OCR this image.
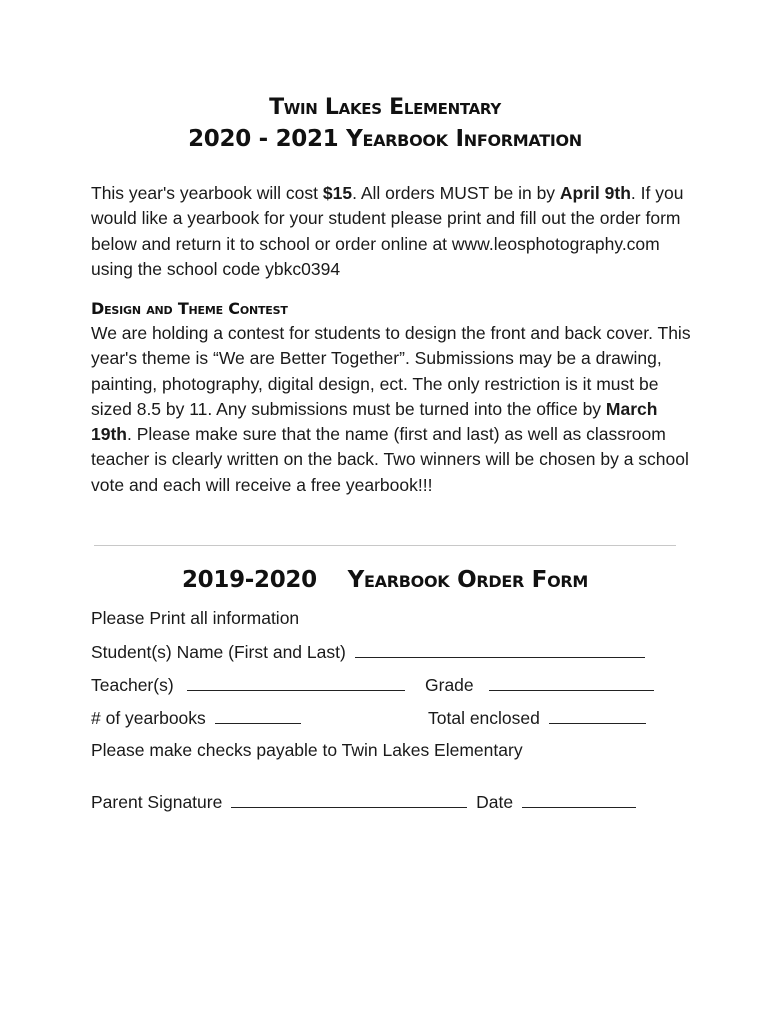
Twin Lakes Elementary
2020 - 2021 Yearbook Information
This year's yearbook will cost $15. All orders MUST be in by April 9th. If you would like a yearbook for your student please print and fill out the order form below and return it to school or order online at www.leosphotography.com using the school code ybkc0394
Design and Theme Contest
We are holding a contest for students to design the front and back cover. This year's theme is “We are Better Together”. Submissions may be a drawing, painting, photography, digital design, ect. The only restriction is it must be sized 8.5 by 11. Any submissions must be turned into the office by March 19th. Please make sure that the name (first and last) as well as classroom teacher is clearly written on the back. Two winners will be chosen by a school vote and each will receive a free yearbook!!!
2019-2020    Yearbook Order Form
Please Print all information
Student(s) Name (First and Last)
Teacher(s)	Grade
# of yearbooks	Total enclosed
Please make checks payable to Twin Lakes Elementary
Parent Signature	Date
